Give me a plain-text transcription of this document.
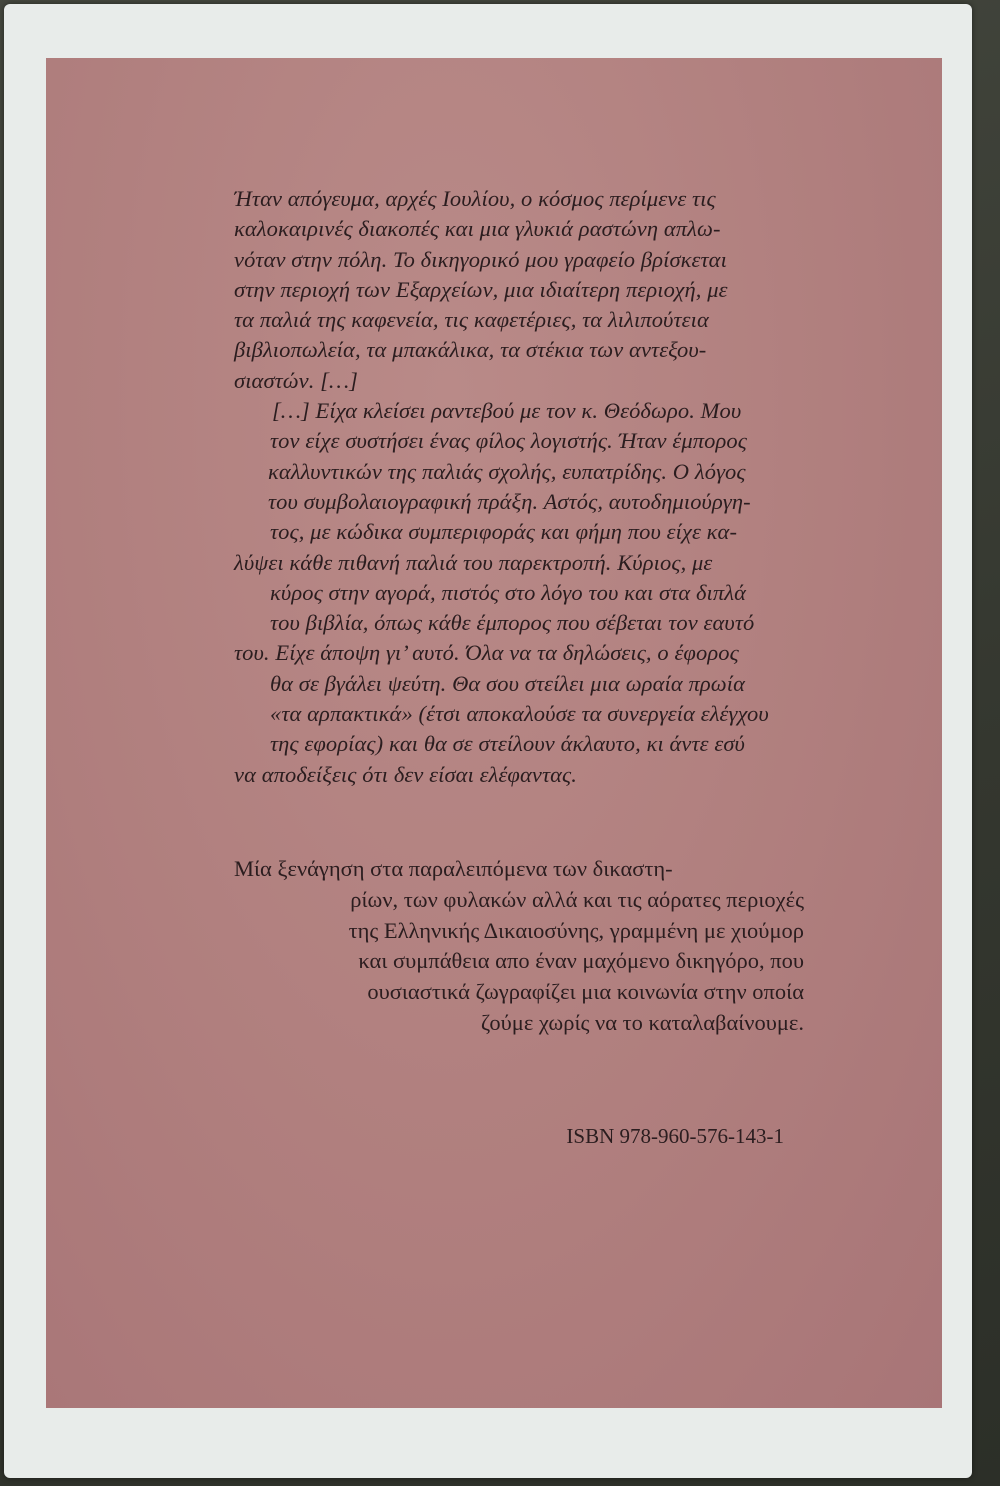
Ήταν απόγευμα, αρχές Ιουλίου, ο κόσμος περίμενε τις
καλοκαιρινές διακοπές και μια γλυκιά ραστώνη απλω-
νόταν στην πόλη. Το δικηγορικό μου γραφείο βρίσκεται
στην περιοχή των Εξαρχείων, μια ιδιαίτερη περιοχή, με
τα παλιά της καφενεία, τις καφετέριες, τα λιλιπούτεια
βιβλιοπωλεία, τα μπακάλικα, τα στέκια των αντεξου-
σιαστών. […]
[…] Είχα κλείσει ραντεβού με τον κ. Θεόδωρο. Μου
τον είχε συστήσει ένας φίλος λογιστής. Ήταν έμπορος
καλλυντικών της παλιάς σχολής, ευπατρίδης. Ο λόγος
του συμβολαιογραφική πράξη. Αστός, αυτοδημιούργη-
τος, με κώδικα συμπεριφοράς και φήμη που είχε κα-
λύψει κάθε πιθανή παλιά του παρεκτροπή. Κύριος, με
κύρος στην αγορά, πιστός στο λόγο του και στα διπλά
του βιβλία, όπως κάθε έμπορος που σέβεται τον εαυτό
του. Είχε άποψη γι’ αυτό. Όλα να τα δηλώσεις, ο έφορος
θα σε βγάλει ψεύτη. Θα σου στείλει μια ωραία πρωία
«τα αρπακτικά» (έτσι αποκαλούσε τα συνεργεία ελέγχου
της εφορίας) και θα σε στείλουν άκλαυτο, κι άντε εσύ
να αποδείξεις ότι δεν είσαι ελέφαντας.
Μία ξενάγηση στα παραλειπόμενα των δικαστη-
ρίων, των φυλακών αλλά και τις αόρατες περιοχές
της Ελληνικής Δικαιοσύνης, γραμμένη με χιούμορ
και συμπάθεια απο έναν μαχόμενο δικηγόρο, που
ουσιαστικά ζωγραφίζει μια κοινωνία στην οποία
ζούμε χωρίς να το καταλαβαίνουμε.
ISBN 978-960-576-143-1
